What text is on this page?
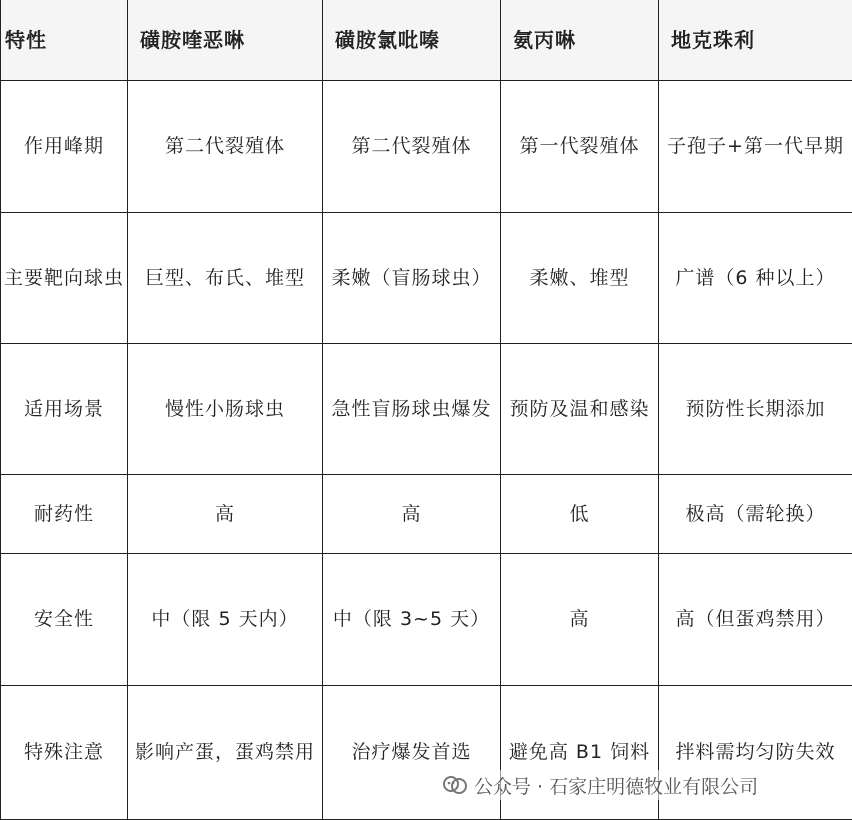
特性	磺胺喹恶啉	磺胺氯吡嗪	氨丙啉	地克珠利
作用峰期	第二代裂殖体	第二代裂殖体	第一代裂殖体	子孢子+第一代早期
主要靶向球虫	巨型、布氏、堆型	柔嫩（盲肠球虫）	柔嫩、堆型	广谱（6 种以上）
适用场景	慢性小肠球虫	急性盲肠球虫爆发	预防及温和感染	预防性长期添加
耐药性	高	高	低	极高（需轮换）
安全性	中（限 5 天内）	中（限 3~5 天）	高	高（但蛋鸡禁用）
特殊注意	影响产蛋，蛋鸡禁用	治疗爆发首选	避免高 B1 饲料	拌料需均匀防失效
公众号 · 石家庄明德牧业有限公司
